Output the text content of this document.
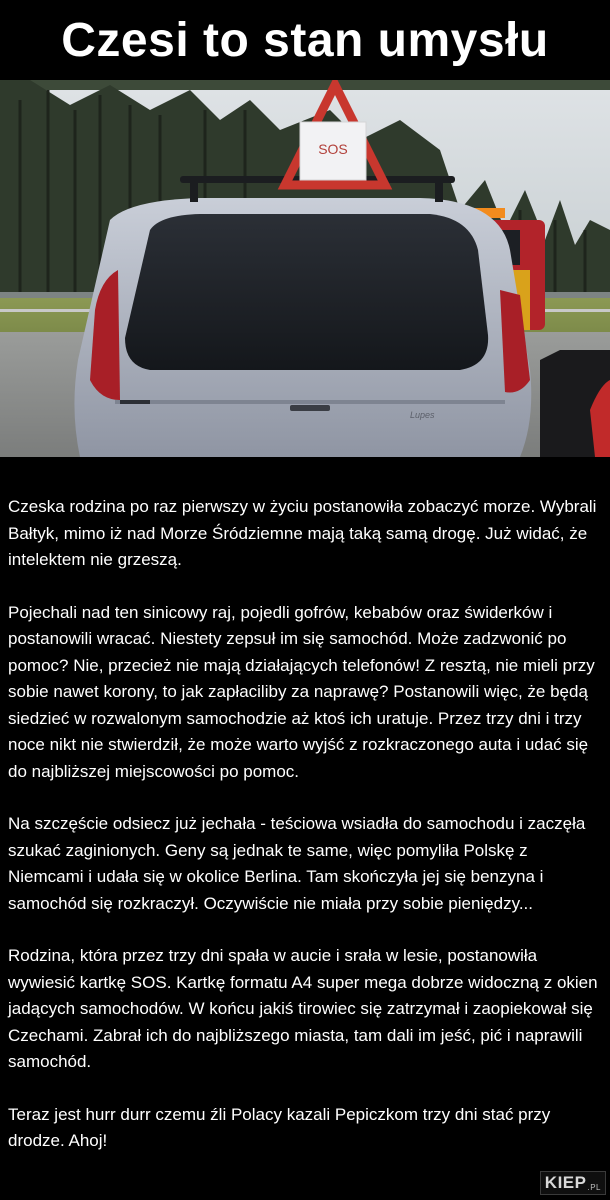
Czesi to stan umysłu
Lupes
SOS

Czeska rodzina po raz pierwszy w życiu postanowiła zobaczyć morze. Wybrali Bałtyk, mimo iż nad Morze Śródziemne mają taką samą drogę. Już widać, że intelektem nie grzeszą.

Pojechali nad ten sinicowy raj, pojedli gofrów, kebabów oraz świderków i postanowili wracać. Niestety zepsuł im się samochód. Może zadzwonić po pomoc? Nie, przecież nie mają działających telefonów! Z resztą, nie mieli przy sobie nawet korony, to jak zapłaciliby za naprawę? Postanowili więc, że będą siedzieć w rozwalonym samochodzie aż ktoś ich uratuje. Przez trzy dni i trzy noce nikt nie stwierdził, że może warto wyjść z rozkraczonego auta i udać się do najbliższej miejscowości po pomoc.

Na szczęście odsiecz już jechała - teściowa wsiadła do samochodu i zaczęła szukać zaginionych. Geny są jednak te same, więc pomyliła Polskę z Niemcami i udała się w okolice Berlina. Tam skończyła jej się benzyna i samochód się rozkraczył. Oczywiście nie miała przy sobie pieniędzy...

Rodzina, która przez trzy dni spała w aucie i srała w lesie, postanowiła wywiesić kartkę SOS. Kartkę formatu A4 super mega dobrze widoczną z okien jadących samochodów. W końcu jakiś tirowiec się zatrzymał i zaopiekował się Czechami. Zabrał ich do najbliższego miasta, tam dali im jeść, pić i naprawili samochód.

Teraz jest hurr durr czemu źli Polacy kazali Pepiczkom trzy dni stać przy drodze. Ahoj!

KIEP .PL
